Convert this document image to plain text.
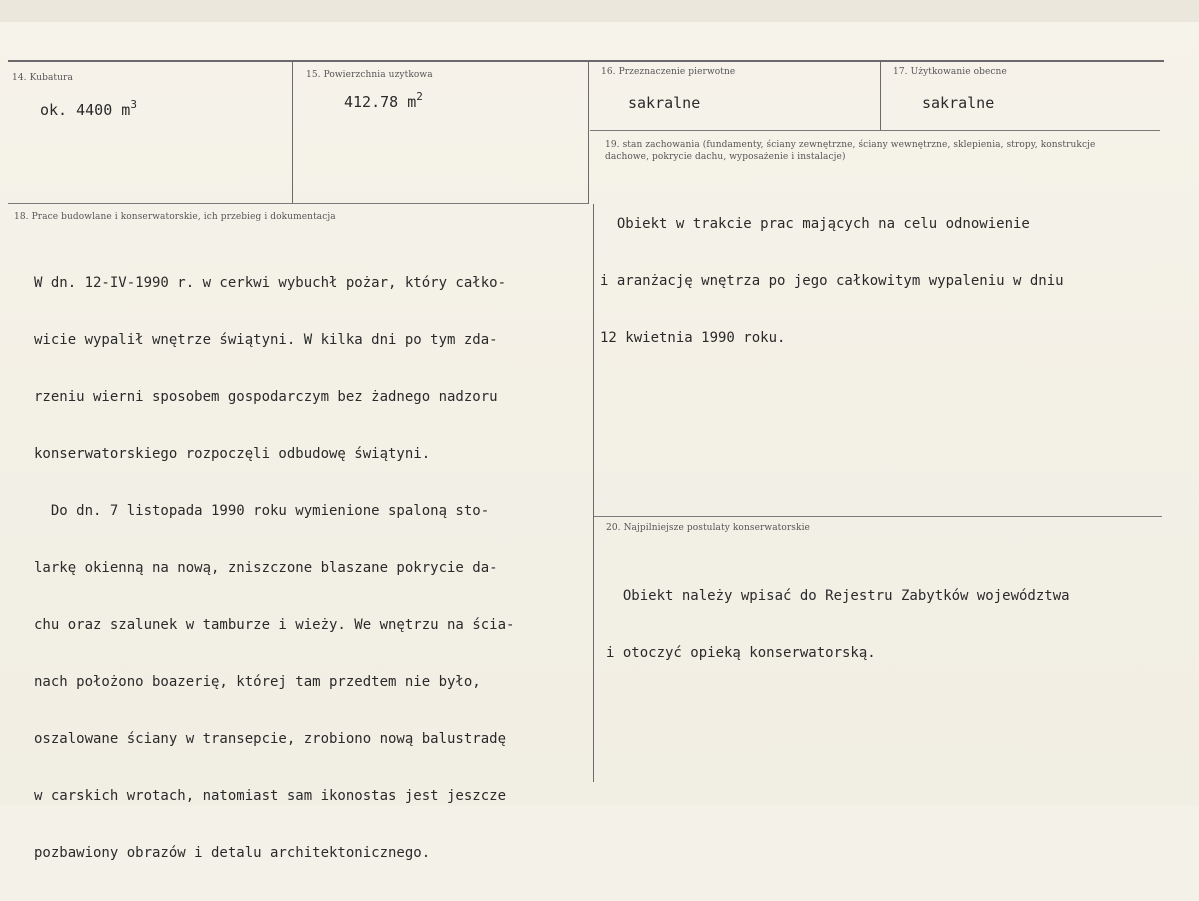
14. Kubatura
ok. 4400 $m^3$
15. Powierzchnia uzytkowa
412.78 $m^2$
16. Przeznaczenie pierwotne
sakralne
17. Użytkowanie obecne
sakralne
19. stan zachowania (fundamenty, ściany zewnętrzne, ściany wewnętrzne, sklepienia, stropy, konstrukcje dachowe, pokrycie dachu, wyposażenie i instalacje)

Obiekt w trakcie prac mających na celu odnowienie

i aranżację wnętrza po jego całkowitym wypaleniu w dniu

12 kwietnia 1990 roku.

18. Prace budowlane i konserwatorskie, ich przebieg i dokumentacja

W dn. 12-IV-1990 r. w cerkwi wybuchł pożar, który całko-

wicie wypalił wnętrze świątyni. W kilka dni po tym zda-

rzeniu wierni sposobem gospodarczym bez żadnego nadzoru

konserwatorskiego rozpoczęli odbudowę świątyni.

Do dn. 7 listopada 1990 roku wymienione spaloną sto-

larkę okienną na nową, zniszczone blaszane pokrycie da-

chu oraz szalunek w tamburze i wieży. We wnętrzu na ścia-

nach położono boazerię, której tam przedtem nie było,

oszalowane ściany w transepcie, zrobiono nową balustradę

w carskich wrotach, natomiast sam ikonostas jest jeszcze

pozbawiony obrazów i detalu architektonicznego.

20. Najpilniejsze postulaty konserwatorskie

Obiekt należy wpisać do Rejestru Zabytków województwa

i otoczyć opieką konserwatorską.
